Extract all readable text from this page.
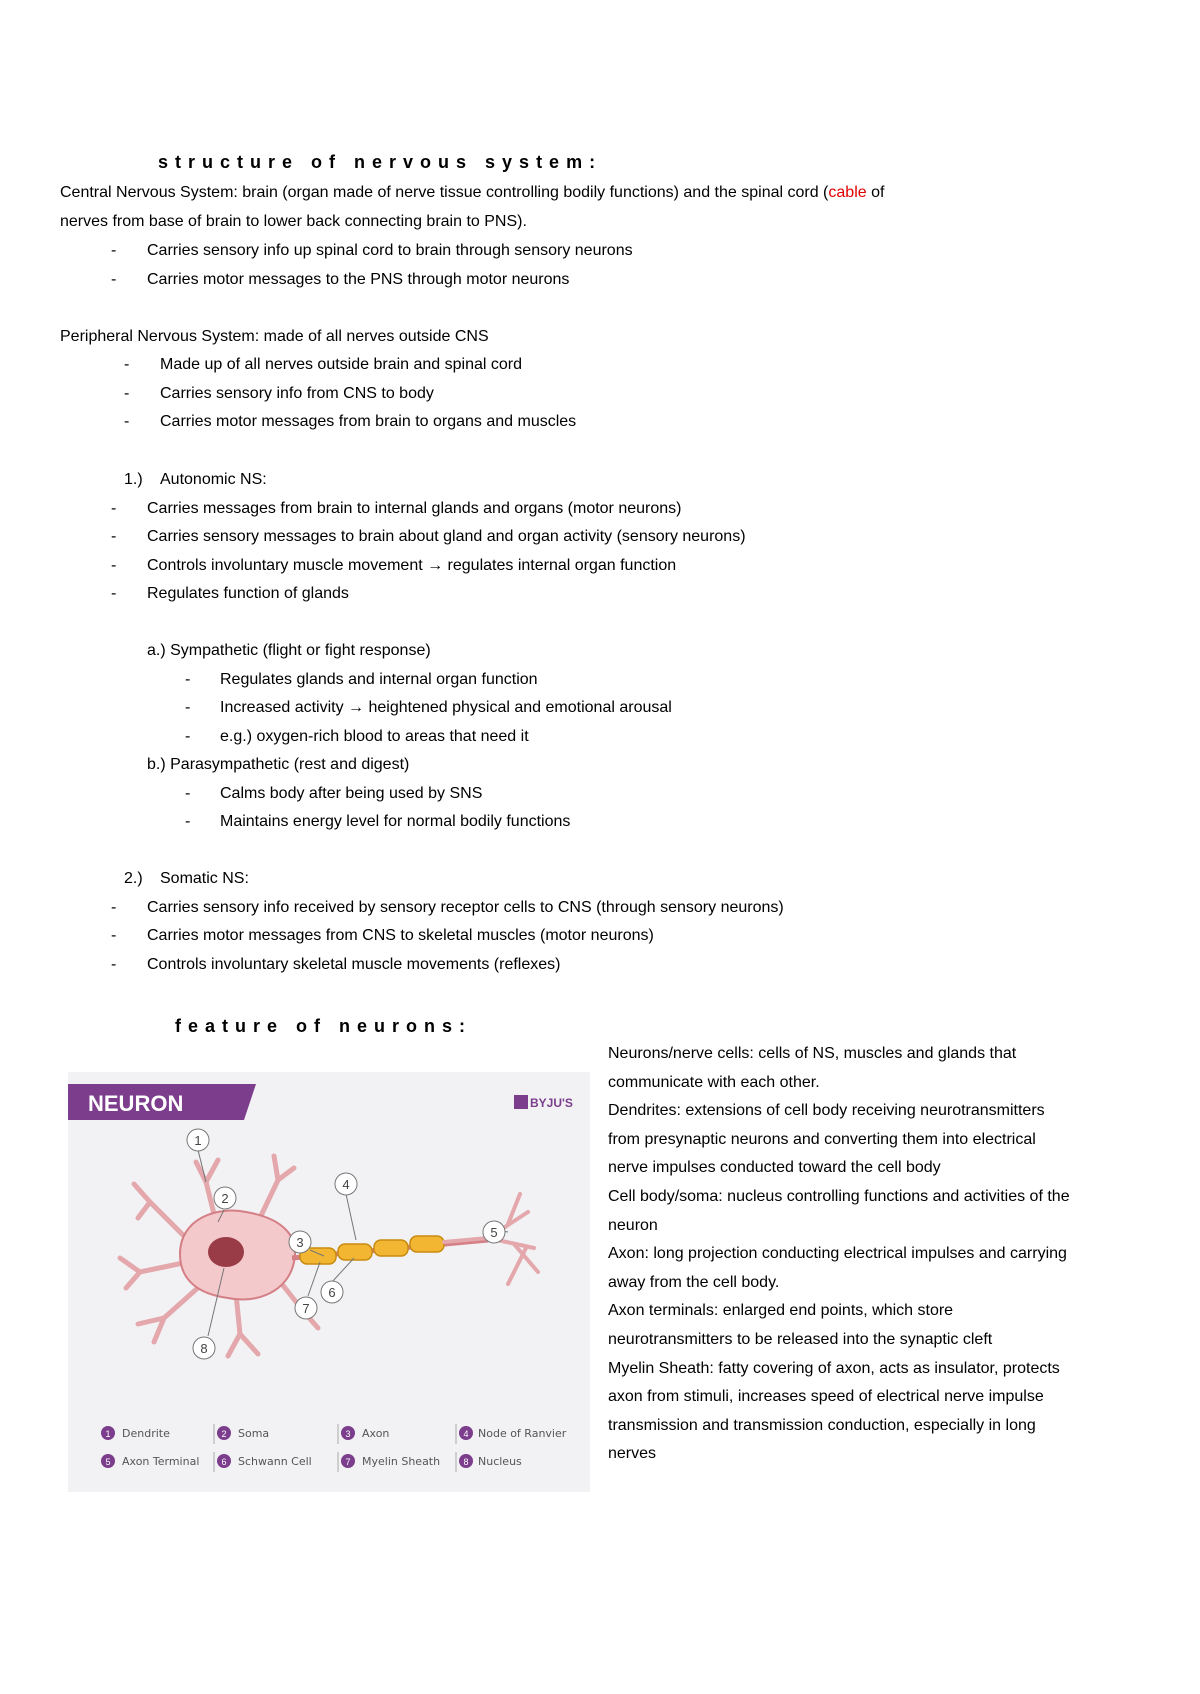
structure of nervous system:
Central Nervous System: brain (organ made of nerve tissue controlling bodily functions) and the spinal cord (cable of
nerves from base of brain to lower back connecting brain to PNS).
- Carries sensory info up spinal cord to brain through sensory neurons
- Carries motor messages to the PNS through motor neurons
Peripheral Nervous System: made of all nerves outside CNS
- Made up of all nerves outside brain and spinal cord
- Carries sensory info from CNS to body
- Carries motor messages from brain to organs and muscles
1.) Autonomic NS:
- Carries messages from brain to internal glands and organs (motor neurons)
- Carries sensory messages to brain about gland and organ activity (sensory neurons)
- Controls involuntary muscle movement → regulates internal organ function
- Regulates function of glands
a.) Sympathetic (flight or fight response)
- Regulates glands and internal organ function
- Increased activity → heightened physical and emotional arousal
- e.g.) oxygen-rich blood to areas that need it
b.) Parasympathetic (rest and digest)
- Calms body after being used by SNS
- Maintains energy level for normal bodily functions
2.) Somatic NS:
- Carries sensory info received by sensory receptor cells to CNS (through sensory neurons)
- Carries motor messages from CNS to skeletal muscles (motor neurons)
- Controls involuntary skeletal muscle movements (reflexes)
feature of neurons:
NEURON	BYJU'S
1
2
3
4
5
6
7
8
1 Dendrite	2 Soma	3 Axon	4 Node of Ranvier
5 Axon Terminal 6 Schwann Cell	7 Myelin Sheath	8 Nucleus
Neurons/nerve cells: cells of NS, muscles and glands that communicate with each other.
Dendrites: extensions of cell body receiving neurotransmitters from presynaptic neurons and converting them into electrical nerve impulses conducted toward the cell body
Cell body/soma: nucleus controlling functions and activities of the neuron
Axon: long projection conducting electrical impulses and carrying away from the cell body.
Axon terminals: enlarged end points, which store neurotransmitters to be released into the synaptic cleft
Myelin Sheath: fatty covering of axon, acts as insulator, protects axon from stimuli, increases speed of electrical nerve impulse transmission and transmission conduction, especially in long nerves
